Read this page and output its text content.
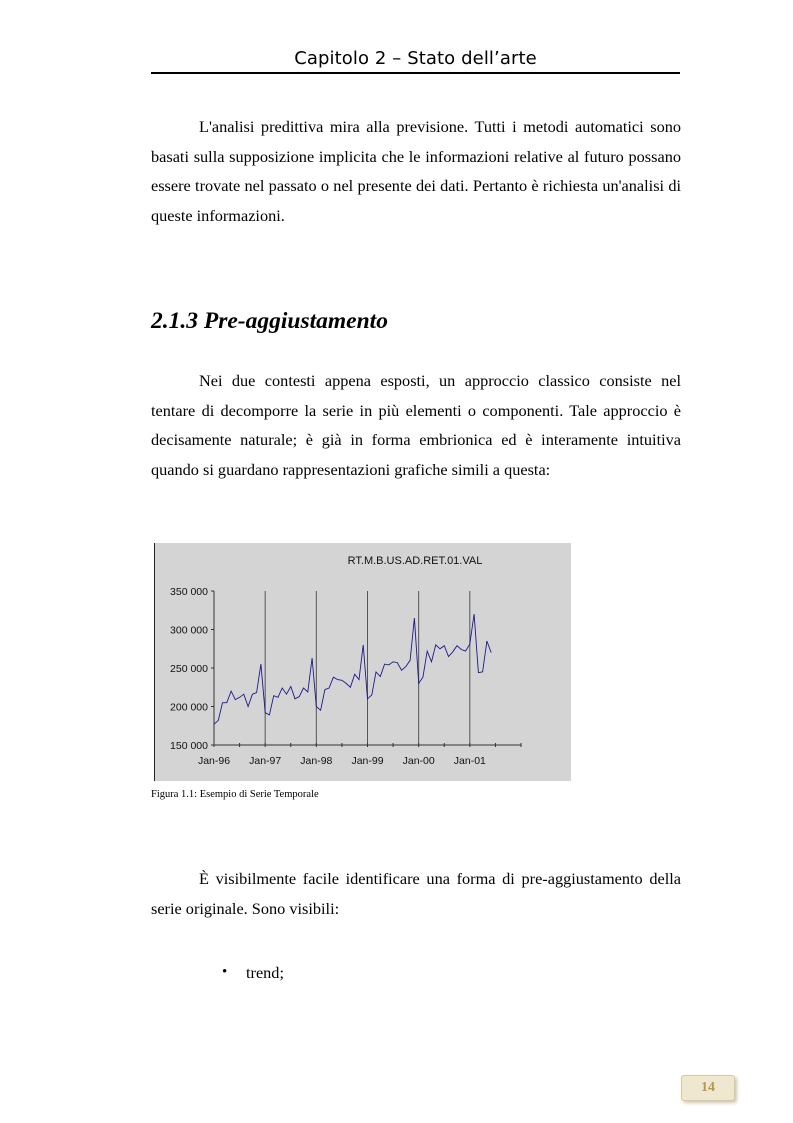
Capitolo 2 – Stato dell’arte

L'analisi predittiva mira alla previsione. Tutti i metodi automatici sono basati sulla supposizione implicita che le informazioni relative al futuro possano essere trovate nel passato o nel presente dei dati. Pertanto è richiesta un'analisi di queste informazioni.

2.1.3 Pre-aggiustamento

Nei due contesti appena esposti, un approccio classico consiste nel tentare di decomporre la serie in più elementi o componenti. Tale approccio è decisamente naturale; è già in forma embrionica ed è interamente intuitiva quando si guardano rappresentazioni grafiche simili a questa:

RT.M.B.US.AD.RET.01.VAL
150 000
200 000
250 000
300 000
350 000
Jan-96 Jan-97 Jan-98 Jan-99 Jan-00 Jan-01
Figura 1.1: Esempio di Serie Temporale

È visibilmente facile identificare una forma di pre-aggiustamento della serie originale. Sono visibili:

• trend;
14
